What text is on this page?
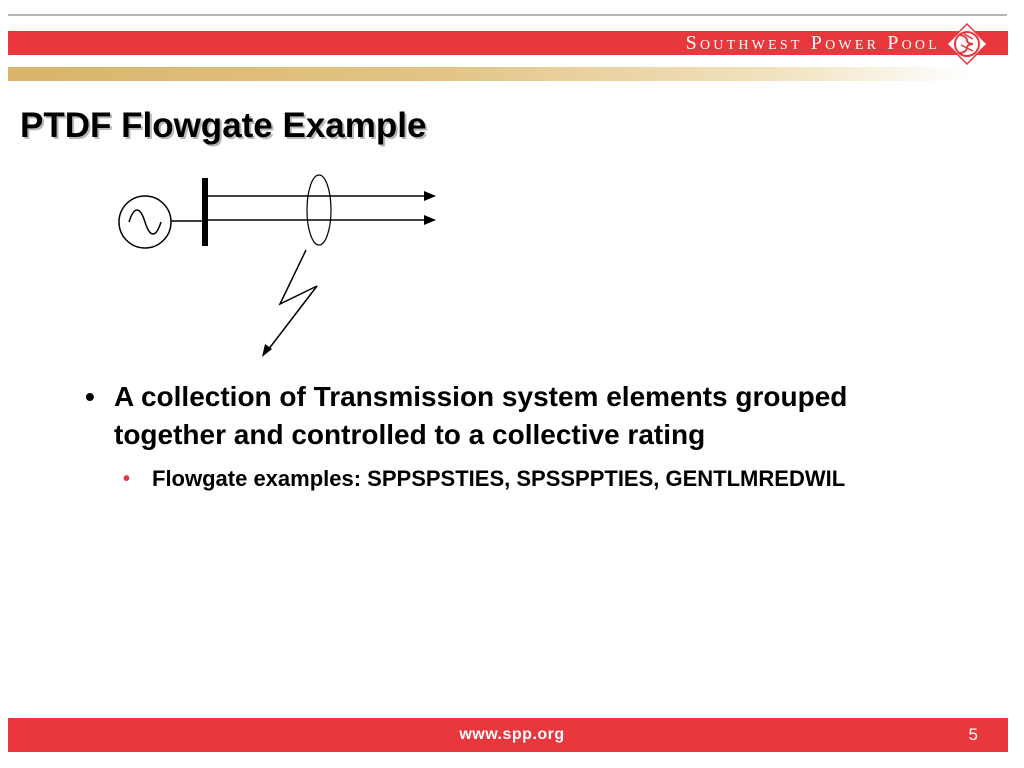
Southwest Power Pool
PTDF Flowgate Example
• A collection of Transmission system elements grouped together and controlled to a collective rating
• Flowgate examples: SPPSPSTIES, SPSSPPTIES, GENTLMREDWIL
www.spp.org	5
